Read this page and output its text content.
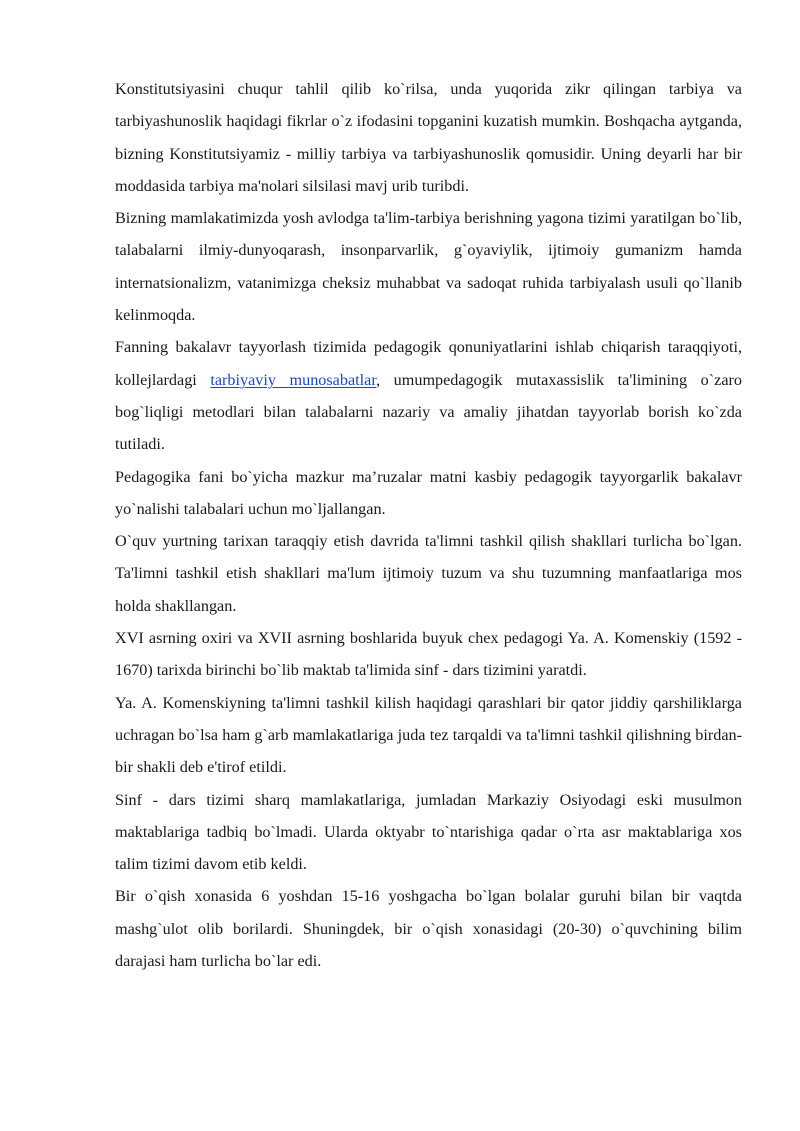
Konstitutsiyasini chuqur tahlil qilib ko`rilsa, unda yuqorida zikr qilingan tarbiya va tarbiyashunoslik haqidagi fikrlar o`z ifodasini topganini kuzatish mumkin. Boshqacha aytganda, bizning Konstitutsiyamiz - milliy tarbiya va tarbiyashunoslik qomusidir. Uning deyarli har bir moddasida tarbiya ma'nolari silsilasi mavj urib turibdi.

Bizning mamlakatimizda yosh avlodga ta'lim-tarbiya berishning yagona tizimi yaratilgan bo`lib, talabalarni ilmiy-dunyoqarash, insonparvarlik, g`oyaviylik, ijtimoiy gumanizm hamda internatsionalizm, vatanimizga cheksiz muhabbat va sadoqat ruhida tarbiyalash usuli qo`llanib kelinmoqda.

Fanning bakalavr tayyorlash tizimida pedagogik qonuniyatlarini ishlab chiqarish taraqqiyoti, kollejlardagi tarbiyaviy munosabatlar, umumpedagogik mutaxassislik ta'limining o`zaro bog`liqligi metodlari bilan talabalarni nazariy va amaliy jihatdan tayyorlab borish ko`zda tutiladi.

Pedagogika fani bo`yicha mazkur ma’ruzalar matni kasbiy pedagogik tayyorgarlik bakalavr yo`nalishi talabalari uchun mo`ljallangan.

O`quv yurtning tarixan taraqqiy etish davrida ta'limni tashkil qilish shakllari turlicha bo`lgan. Ta'limni tashkil etish shakllari ma'lum ijtimoiy tuzum va shu tuzumning manfaatlariga mos holda shakllangan.

XVI asrning oxiri va XVII asrning boshlarida buyuk chex pedagogi Ya. A. Komenskiy (1592 - 1670) tarixda birinchi bo`lib maktab ta'limida sinf - dars tizimini yaratdi.

Ya. A. Komenskiyning ta'limni tashkil kilish haqidagi qarashlari bir qator jiddiy qarshiliklarga uchragan bo`lsa ham g`arb mamlakatlariga juda tez tarqaldi va ta'limni tashkil qilishning birdan-bir shakli deb e'tirof etildi.

Sinf - dars tizimi sharq mamlakatlariga, jumladan Markaziy Osiyodagi eski musulmon maktablariga tadbiq bo`lmadi. Ularda oktyabr to`ntarishiga qadar o`rta asr maktablariga xos talim tizimi davom etib keldi.

Bir o`qish xonasida 6 yoshdan 15-16 yoshgacha bo`lgan bolalar guruhi bilan bir vaqtda mashg`ulot olib borilardi. Shuningdek, bir o`qish xonasidagi (20-30) o`quvchining bilim darajasi ham turlicha bo`lar edi.
